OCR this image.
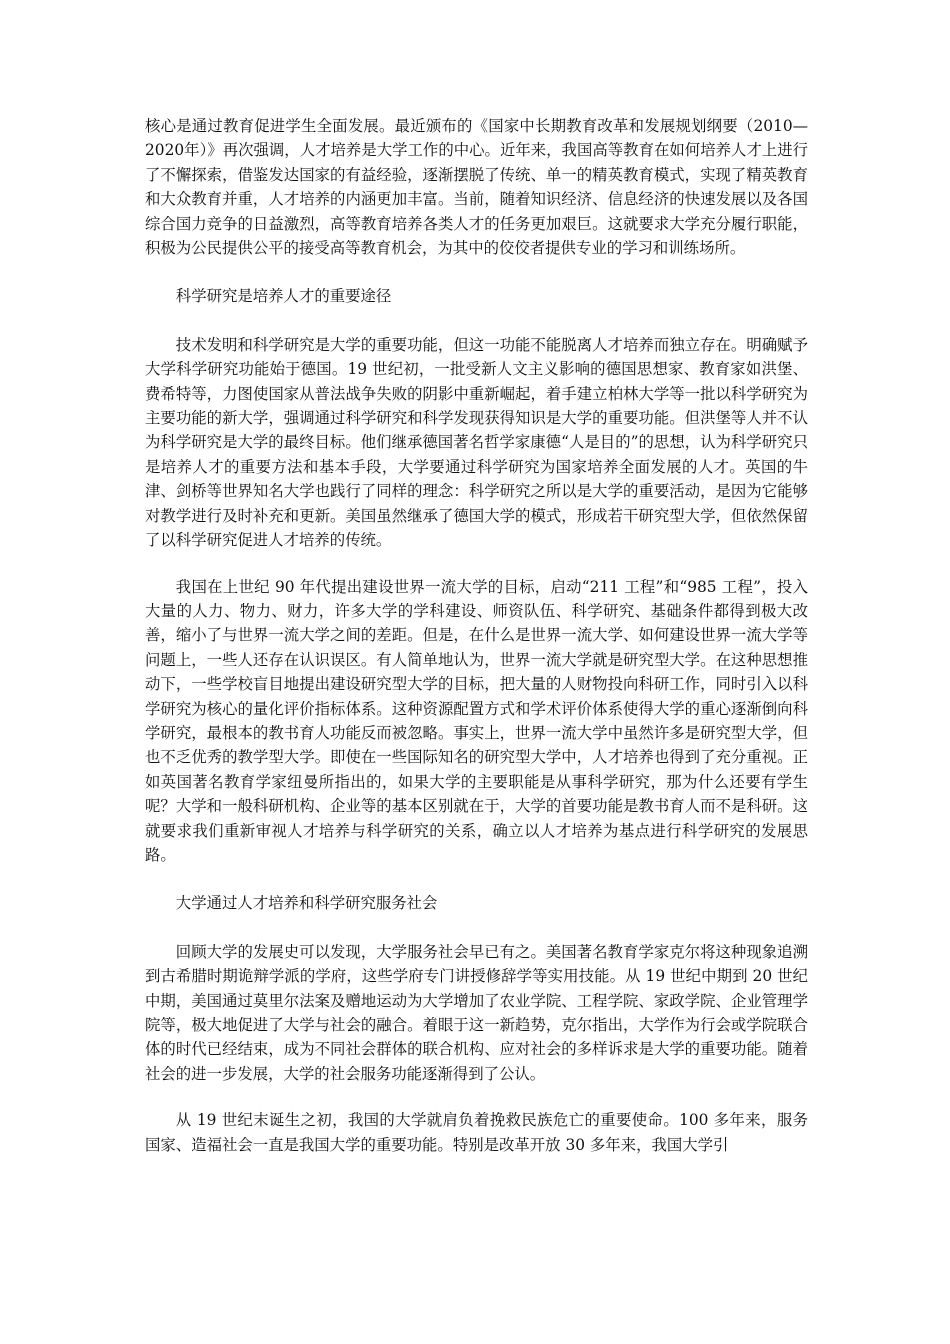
核心是通过教育促进学生全面发展。最近颁布的《国家中长期教育改革和发展规划纲要（2010—2020年）》再次强调，人才培养是大学工作的中心。近年来，我国高等教育在如何培养人才上进行了不懈探索，借鉴发达国家的有益经验，逐渐摆脱了传统、单一的精英教育模式，实现了精英教育和大众教育并重，人才培养的内涵更加丰富。当前，随着知识经济、信息经济的快速发展以及各国综合国力竞争的日益激烈，高等教育培养各类人才的任务更加艰巨。这就要求大学充分履行职能，积极为公民提供公平的接受高等教育机会，为其中的佼佼者提供专业的学习和训练场所。

科学研究是培养人才的重要途径

技术发明和科学研究是大学的重要功能，但这一功能不能脱离人才培养而独立存在。明确赋予大学科学研究功能始于德国。19 世纪初，一批受新人文主义影响的德国思想家、教育家如洪堡、费希特等，力图使国家从普法战争失败的阴影中重新崛起，着手建立柏林大学等一批以科学研究为主要功能的新大学，强调通过科学研究和科学发现获得知识是大学的重要功能。但洪堡等人并不认为科学研究是大学的最终目标。他们继承德国著名哲学家康德“人是目的”的思想，认为科学研究只是培养人才的重要方法和基本手段，大学要通过科学研究为国家培养全面发展的人才。英国的牛津、剑桥等世界知名大学也践行了同样的理念：科学研究之所以是大学的重要活动，是因为它能够对教学进行及时补充和更新。美国虽然继承了德国大学的模式，形成若干研究型大学，但依然保留了以科学研究促进人才培养的传统。

我国在上世纪 90 年代提出建设世界一流大学的目标，启动“211 工程”和“985 工程”，投入大量的人力、物力、财力，许多大学的学科建设、师资队伍、科学研究、基础条件都得到极大改善，缩小了与世界一流大学之间的差距。但是，在什么是世界一流大学、如何建设世界一流大学等问题上，一些人还存在认识误区。有人简单地认为，世界一流大学就是研究型大学。在这种思想推动下，一些学校盲目地提出建设研究型大学的目标，把大量的人财物投向科研工作，同时引入以科学研究为核心的量化评价指标体系。这种资源配置方式和学术评价体系使得大学的重心逐渐倒向科学研究，最根本的教书育人功能反而被忽略。事实上，世界一流大学中虽然许多是研究型大学，但也不乏优秀的教学型大学。即使在一些国际知名的研究型大学中，人才培养也得到了充分重视。正如英国著名教育学家纽曼所指出的，如果大学的主要职能是从事科学研究，那为什么还要有学生呢？大学和一般科研机构、企业等的基本区别就在于，大学的首要功能是教书育人而不是科研。这就要求我们重新审视人才培养与科学研究的关系，确立以人才培养为基点进行科学研究的发展思路。

大学通过人才培养和科学研究服务社会

回顾大学的发展史可以发现，大学服务社会早已有之。美国著名教育学家克尔将这种现象追溯到古希腊时期诡辩学派的学府，这些学府专门讲授修辞学等实用技能。从 19 世纪中期到 20 世纪中期，美国通过莫里尔法案及赠地运动为大学增加了农业学院、工程学院、家政学院、企业管理学院等，极大地促进了大学与社会的融合。着眼于这一新趋势，克尔指出，大学作为行会或学院联合体的时代已经结束，成为不同社会群体的联合机构、应对社会的多样诉求是大学的重要功能。随着社会的进一步发展，大学的社会服务功能逐渐得到了公认。

从 19 世纪末诞生之初，我国的大学就肩负着挽救民族危亡的重要使命。100 多年来，服务国家、造福社会一直是我国大学的重要功能。特别是改革开放 30 多年来，我国大学引
